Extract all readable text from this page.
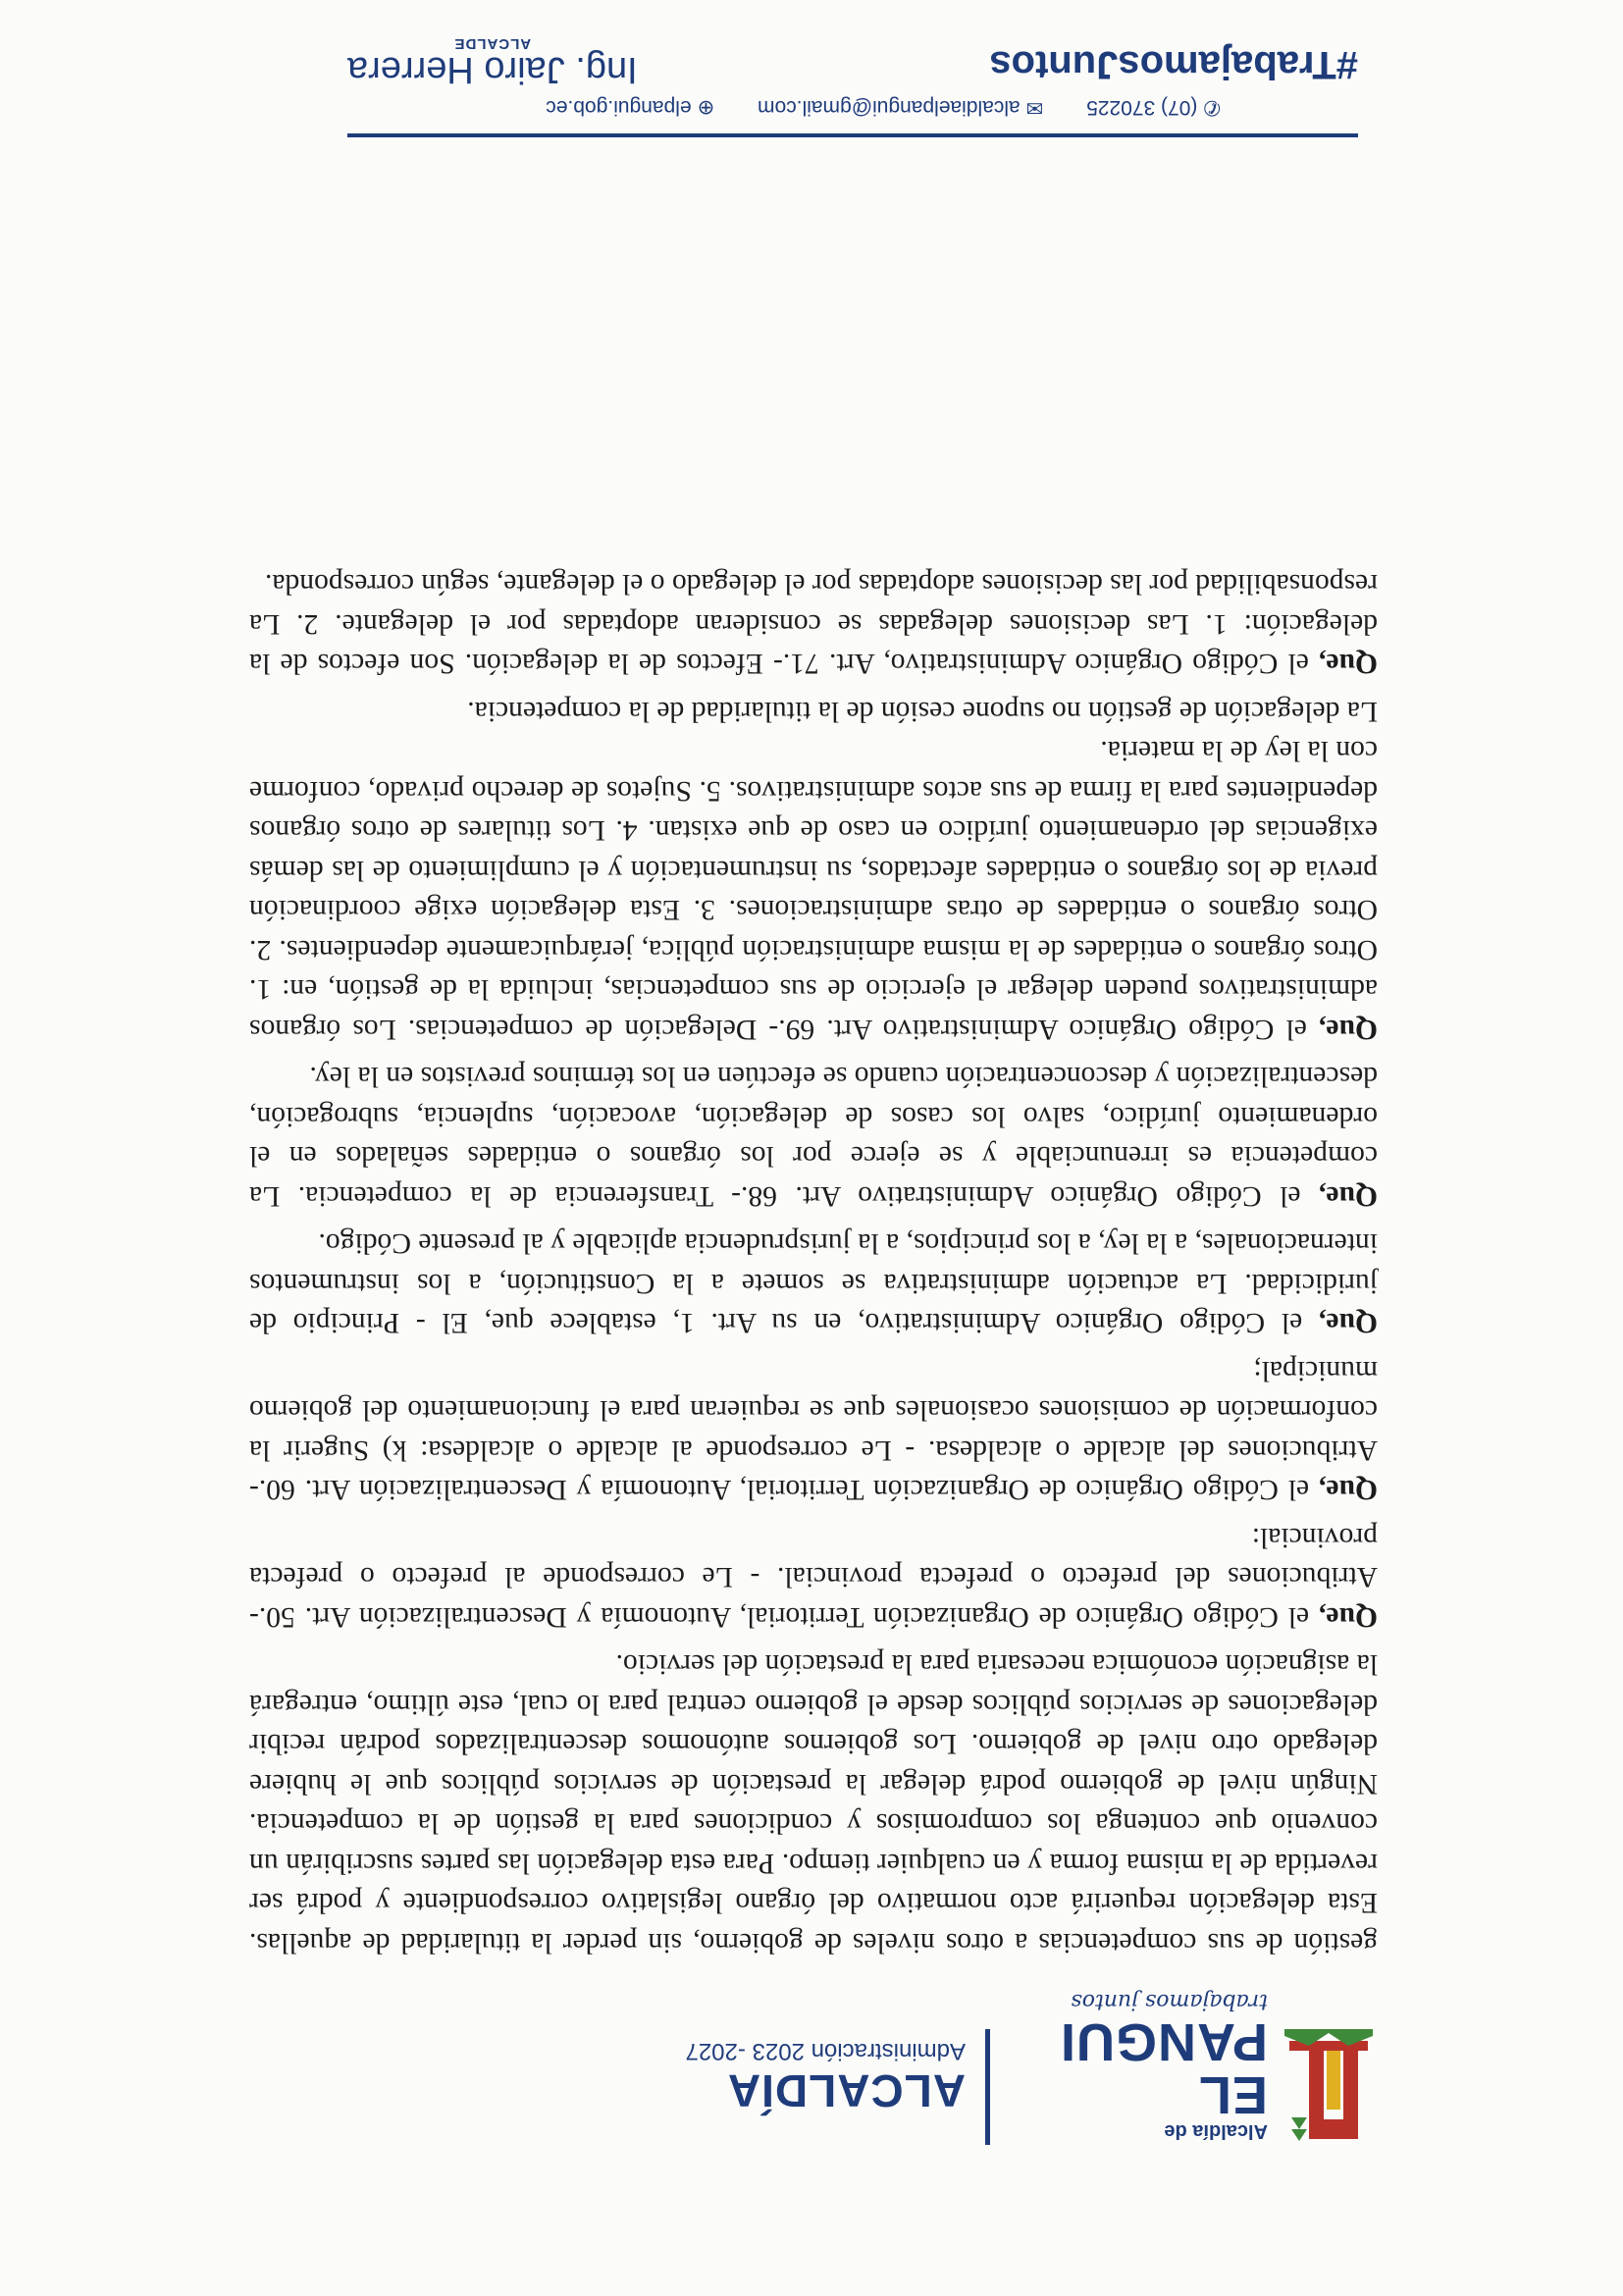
Alcaldía de
EL PANGUI
trabajamos juntos
ALCALDÍA
Administración 2023 -2027

gestión de sus competencias a otros niveles de gobierno, sin perder la titularidad de aquellas. Esta delegación requerirá acto normativo del órgano legislativo correspondiente y podrá ser revertida de la misma forma y en cualquier tiempo. Para esta delegación las partes suscribirán un convenio que contenga los compromisos y condiciones para la gestión de la competencia. Ningún nivel de gobierno podrá delegar la prestación de servicios públicos que le hubiere delegado otro nivel de gobierno. Los gobiernos autónomos descentralizados podrán recibir delegaciones de servicios públicos desde el gobierno central para lo cual, este último, entregará la asignación económica necesaria para la prestación del servicio.

Que, el Código Orgánico de Organización Territorial, Autonomía y Descentralización Art. 50.- Atribuciones del prefecto o prefecta provincial. - Le corresponde al prefecto o prefecta provincial:

Que, el Código Orgánico de Organización Territorial, Autonomía y Descentralización Art. 60.- Atribuciones del alcalde o alcaldesa. - Le corresponde al alcalde o alcaldesa: k) Sugerir la conformación de comisiones ocasionales que se requieran para el funcionamiento del gobierno municipal;

Que, el Código Orgánico Administrativo, en su Art. 1, establece que, El - Principio de juridicidad. La actuación administrativa se somete a la Constitución, a los instrumentos internacionales, a la ley, a los principios, a la jurisprudencia aplicable y al presente Código.

Que, el Código Orgánico Administrativo Art. 68.- Transferencia de la competencia. La competencia es irrenunciable y se ejerce por los órganos o entidades señalados en el ordenamiento jurídico, salvo los casos de delegación, avocación, suplencia, subrogación, descentralización y desconcentración cuando se efectúen en los términos previstos en la ley.

Que, el Código Orgánico Administrativo Art. 69.- Delegación de competencias. Los órganos administrativos pueden delegar el ejercicio de sus competencias, incluida la de gestión, en: 1. Otros órganos o entidades de la misma administración pública, jerárquicamente dependientes. 2. Otros órganos o entidades de otras administraciones. 3. Esta delegación exige coordinación previa de los órganos o entidades afectados, su instrumentación y el cumplimiento de las demás exigencias del ordenamiento jurídico en caso de que existan. 4. Los titulares de otros órganos dependientes para la firma de sus actos administrativos. 5. Sujetos de derecho privado, conforme con la ley de la materia.

La delegación de gestión no supone cesión de la titularidad de la competencia.

Que, el Código Orgánico Administrativo, Art. 71.- Efectos de la delegación. Son efectos de la delegación: 1. Las decisiones delegadas se consideran adoptadas por el delegante. 2. La responsabilidad por las decisiones adoptadas por el delegado o el delegante, según corresponda.

✆(07) 370225 ✉alcaldiaelpangui@gmail.com ⊕elpangui.gob.ec
#TrabajamosJuntos
Ing. Jairo Herrera
ALCALDE
